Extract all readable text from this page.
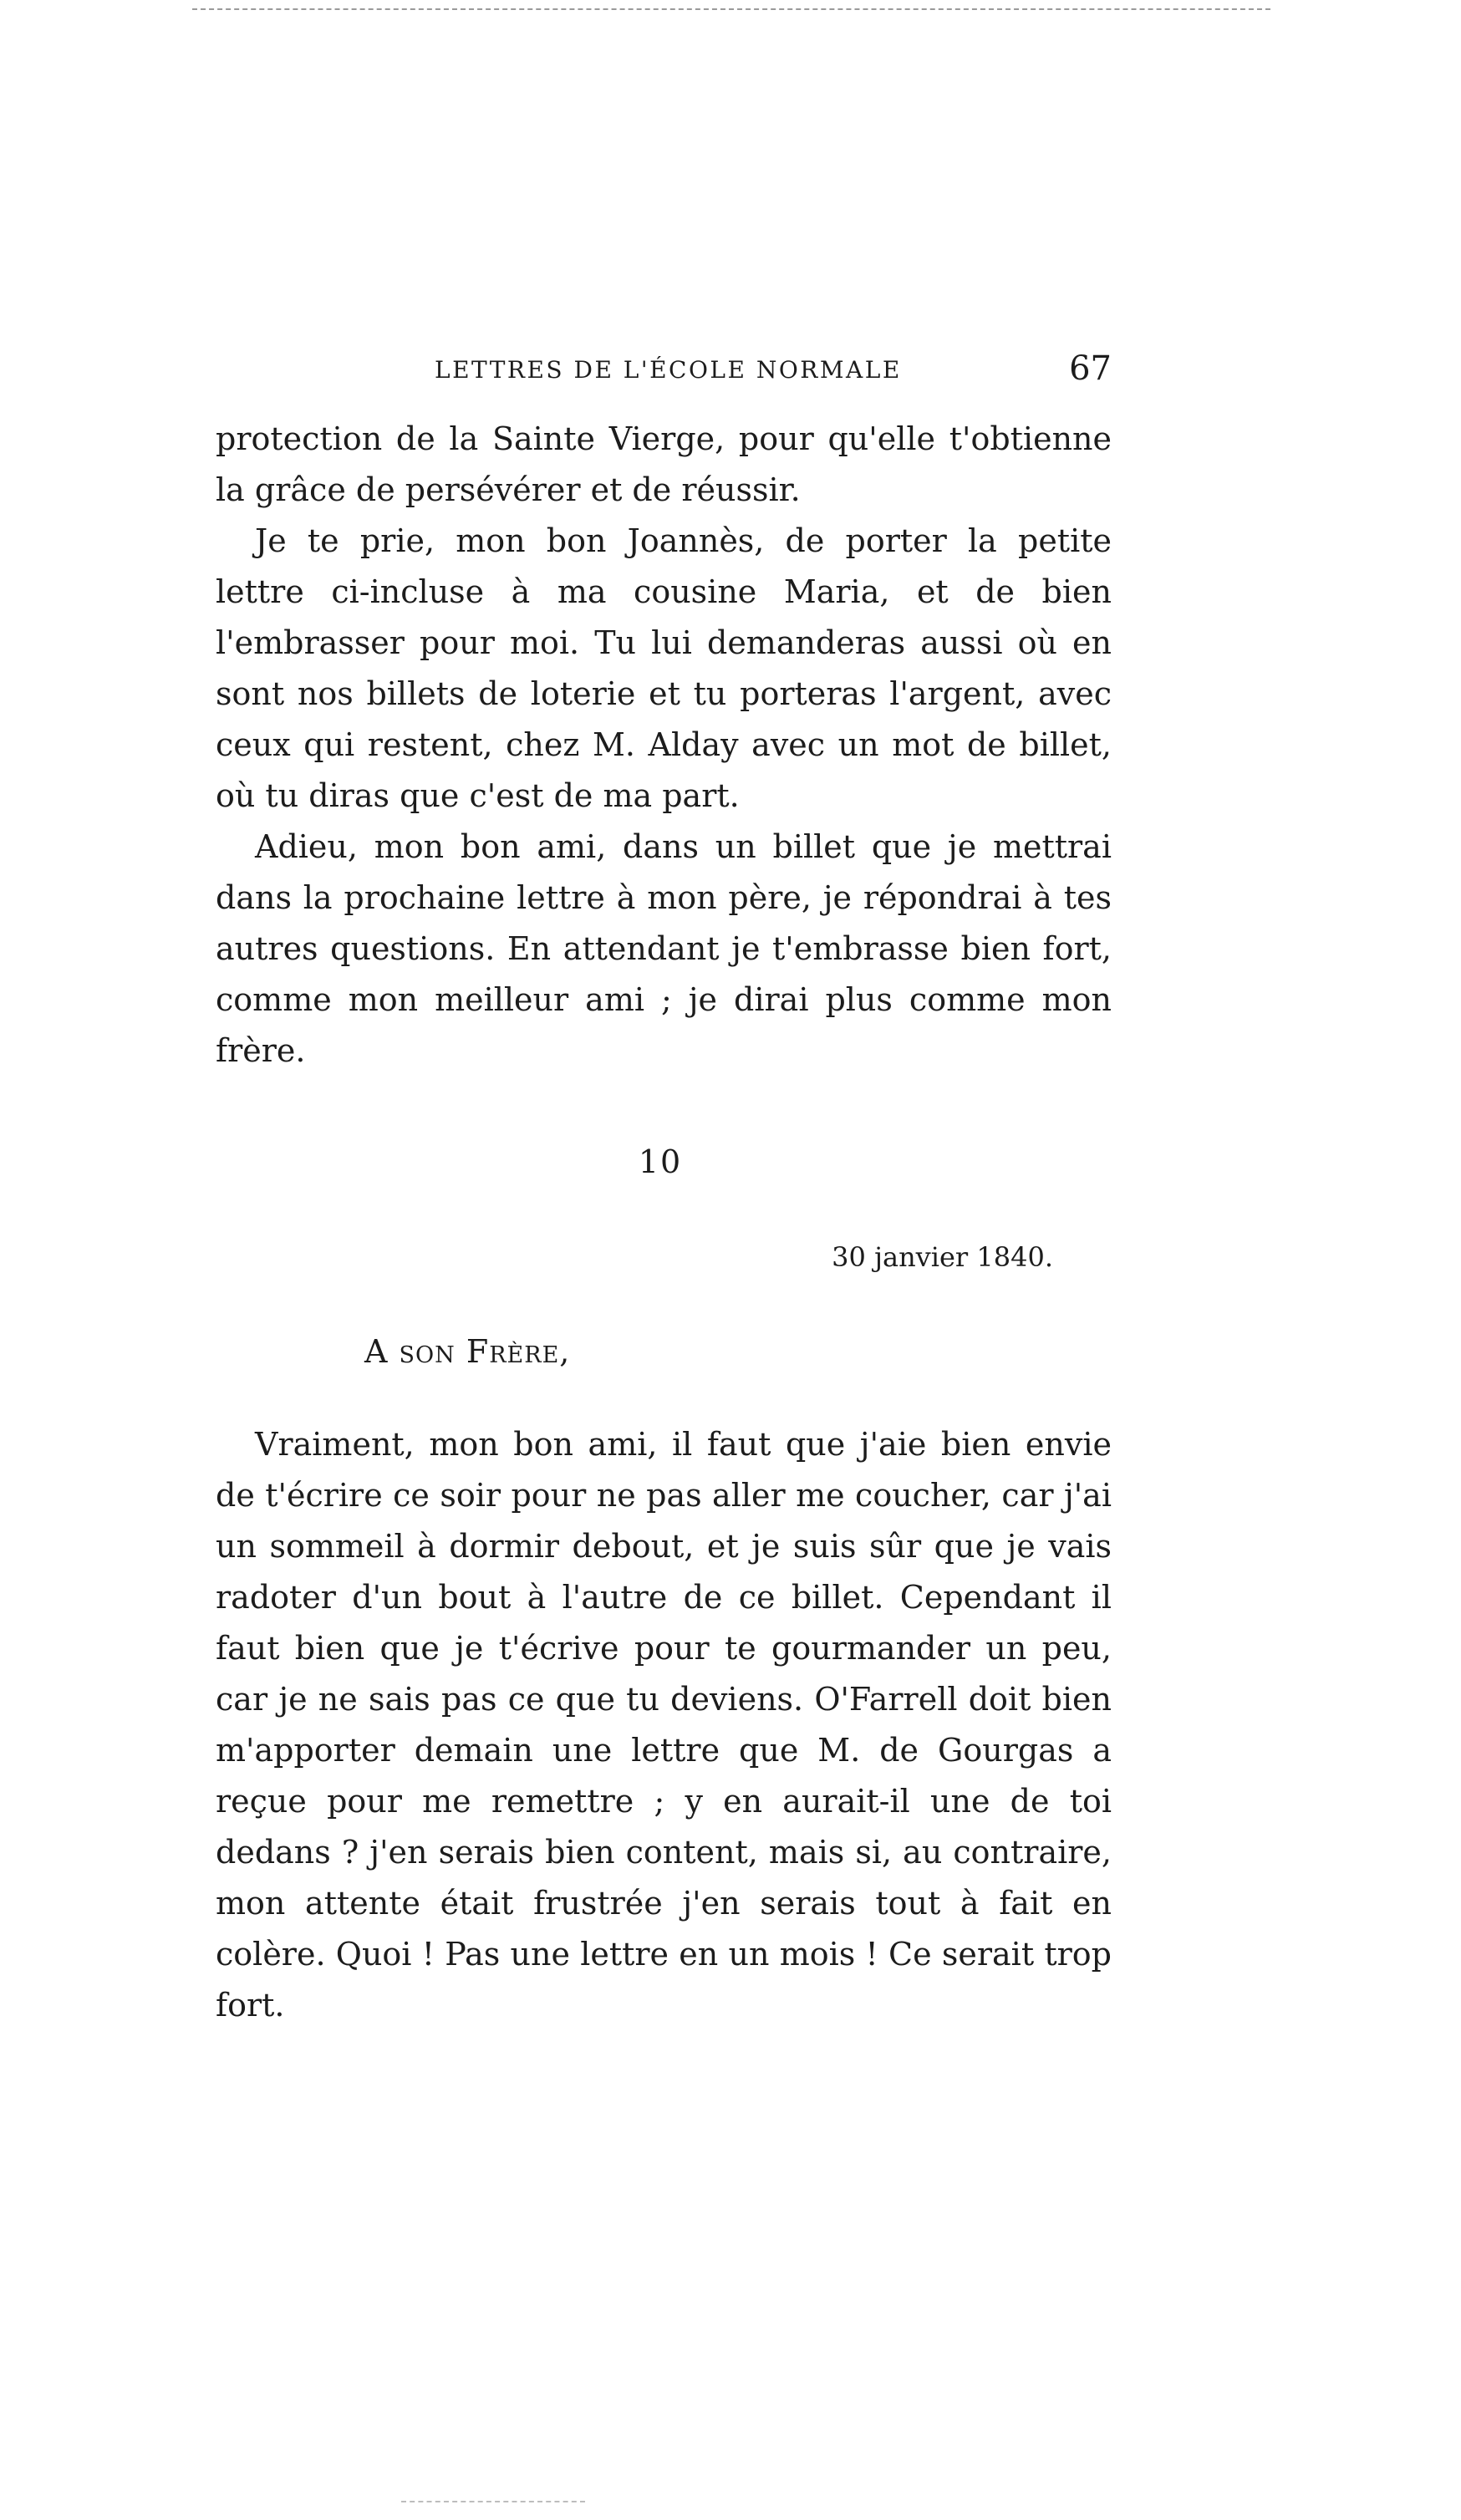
LETTRES DE L'ÉCOLE NORMALE	67

protection de la Sainte Vierge, pour qu'elle t'obtienne la grâce de persévérer et de réussir.

Je te prie, mon bon Joannès, de porter la petite lettre ci-incluse à ma cousine Maria, et de bien l'embrasser pour moi. Tu lui demanderas aussi où en sont nos billets de loterie et tu porteras l'argent, avec ceux qui restent, chez M. Alday avec un mot de billet, où tu diras que c'est de ma part.

Adieu, mon bon ami, dans un billet que je mettrai dans la prochaine lettre à mon père, je répondrai à tes autres questions. En attendant je t'embrasse bien fort, comme mon meilleur ami ; je dirai plus comme mon frère.

10
30 janvier 1840.
A son Frère,

Vraiment, mon bon ami, il faut que j'aie bien envie de t'écrire ce soir pour ne pas aller me coucher, car j'ai un sommeil à dormir debout, et je suis sûr que je vais radoter d'un bout à l'autre de ce billet. Cependant il faut bien que je t'écrive pour te gourmander un peu, car je ne sais pas ce que tu deviens. O'Farrell doit bien m'apporter demain une lettre que M. de Gourgas a reçue pour me remettre ; y en aurait-il une de toi dedans ? j'en serais bien content, mais si, au contraire, mon attente était frustrée j'en serais tout à fait en colère. Quoi ! Pas une lettre en un mois ! Ce serait trop fort.
